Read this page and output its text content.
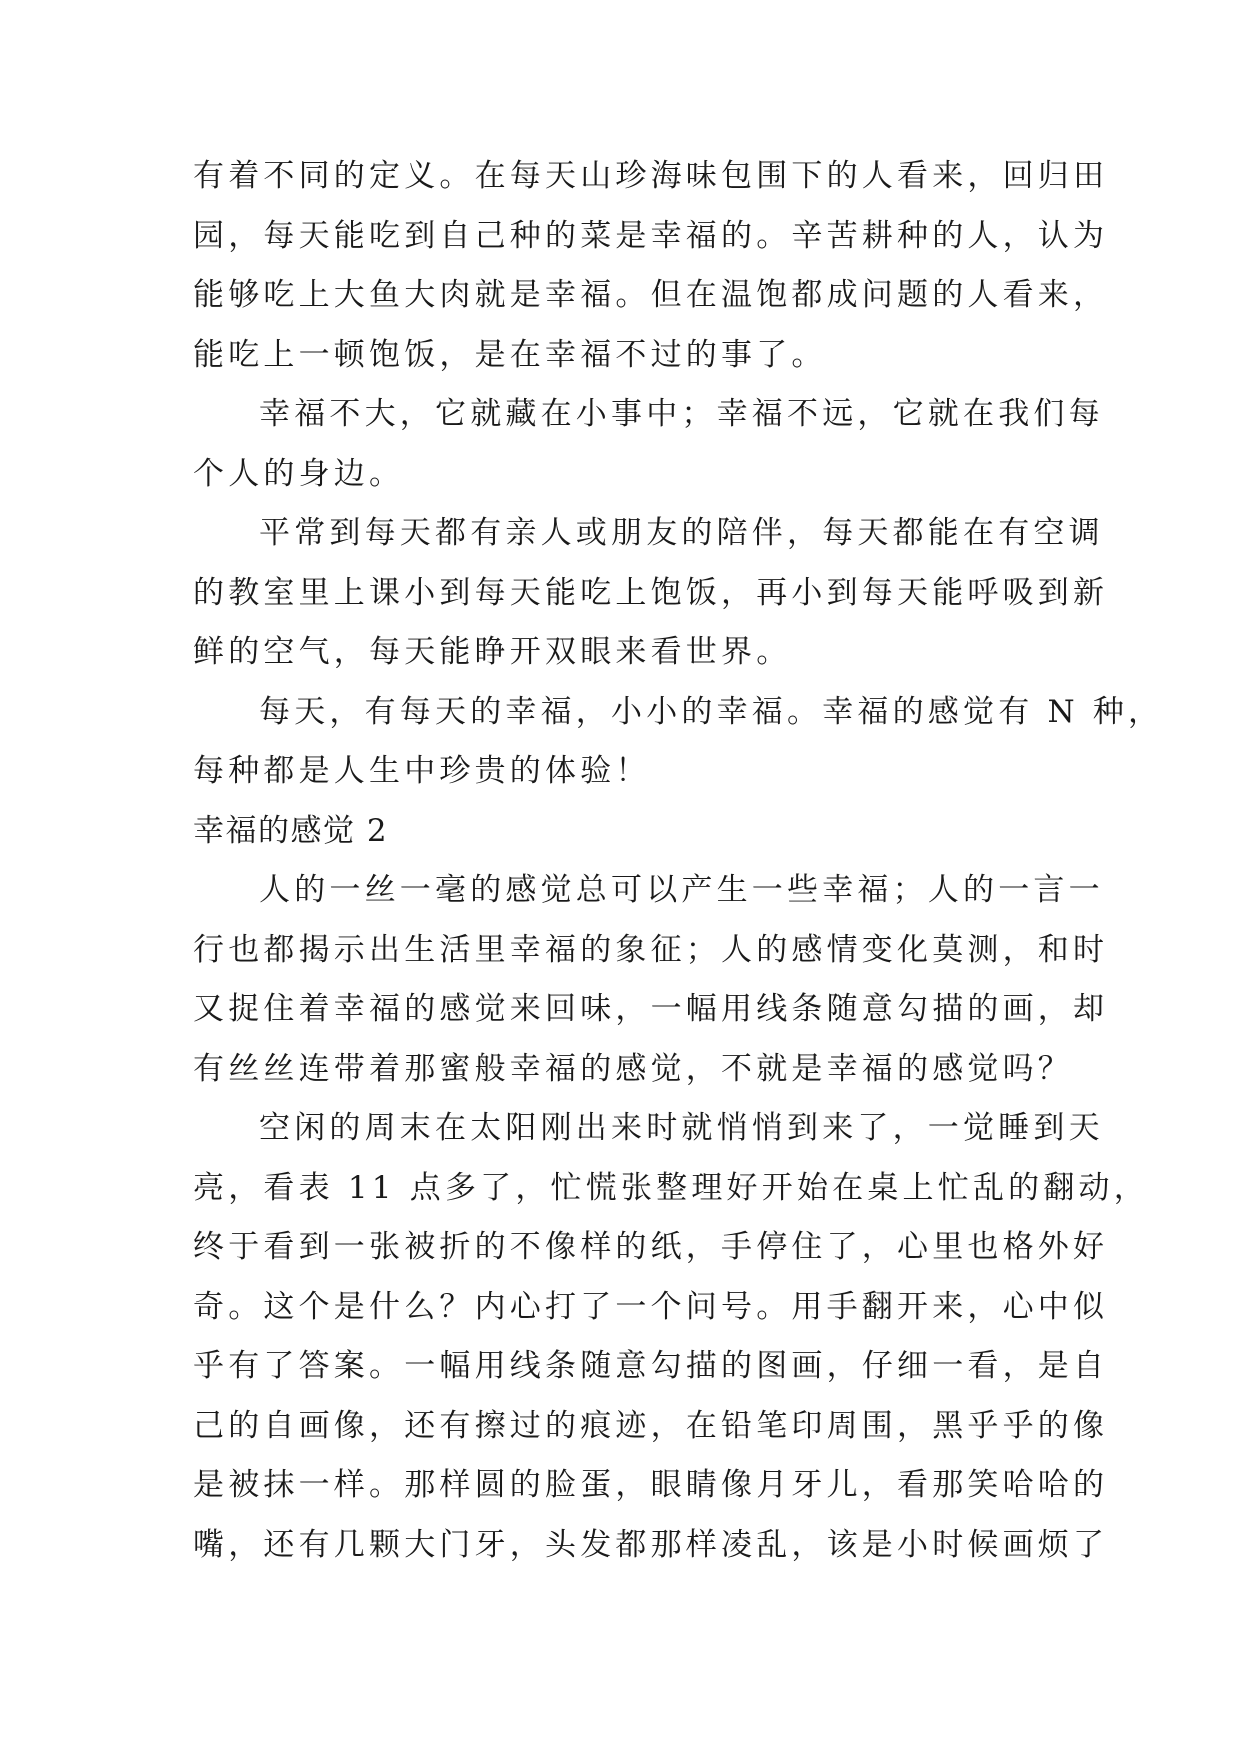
有着不同的定义。在每天山珍海味包围下的人看来，回归田
园，每天能吃到自己种的菜是幸福的。辛苦耕种的人，认为
能够吃上大鱼大肉就是幸福。但在温饱都成问题的人看来，
能吃上一顿饱饭，是在幸福不过的事了。
幸福不大，它就藏在小事中；幸福不远，它就在我们每
个人的身边。
平常到每天都有亲人或朋友的陪伴，每天都能在有空调
的教室里上课小到每天能吃上饱饭，再小到每天能呼吸到新
鲜的空气，每天能睁开双眼来看世界。
每天，有每天的幸福，小小的幸福。幸福的感觉有 N 种，
每种都是人生中珍贵的体验！
幸福的感觉 2
人的一丝一毫的感觉总可以产生一些幸福；人的一言一
行也都揭示出生活里幸福的象征；人的感情变化莫测，和时
又捉住着幸福的感觉来回味，一幅用线条随意勾描的画，却
有丝丝连带着那蜜般幸福的感觉，不就是幸福的感觉吗？
空闲的周末在太阳刚出来时就悄悄到来了，一觉睡到天
亮，看表 11 点多了，忙慌张整理好开始在桌上忙乱的翻动，
终于看到一张被折的不像样的纸，手停住了，心里也格外好
奇。这个是什么？内心打了一个问号。用手翻开来，心中似
乎有了答案。一幅用线条随意勾描的图画，仔细一看，是自
己的自画像，还有擦过的痕迹，在铅笔印周围，黑乎乎的像
是被抹一样。那样圆的脸蛋，眼睛像月牙儿，看那笑哈哈的
嘴，还有几颗大门牙，头发都那样凌乱，该是小时候画烦了
